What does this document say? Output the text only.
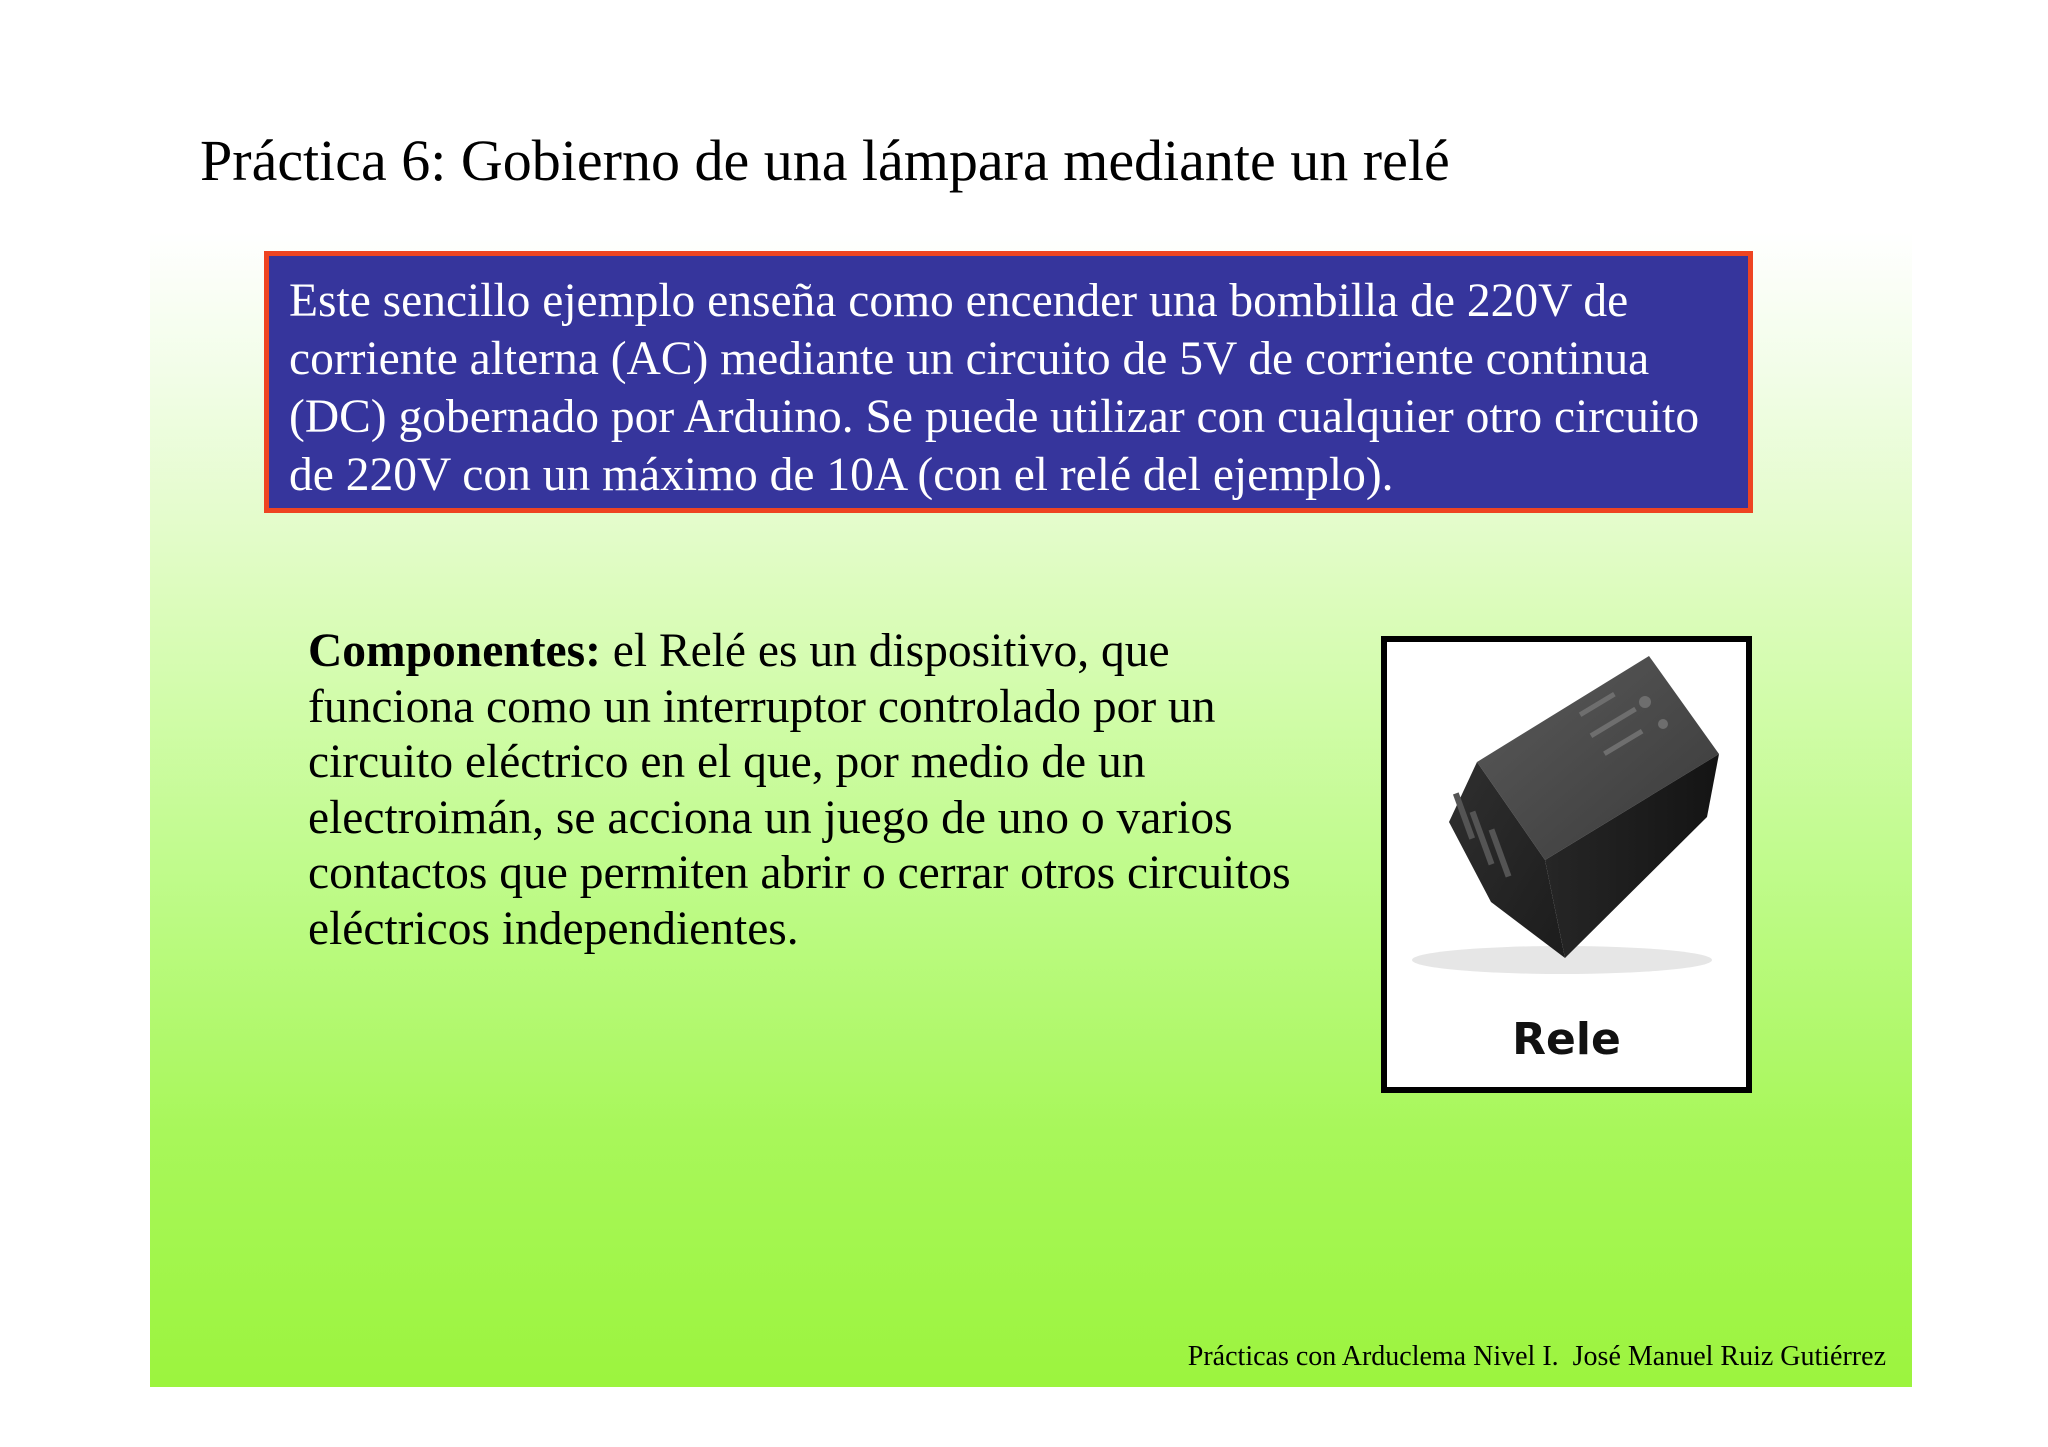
Práctica 6: Gobierno de una lámpara mediante un relé

Este sencillo ejemplo enseña como encender una bombilla de 220V de corriente alterna (AC) mediante un circuito de 5V de corriente continua (DC) gobernado por Arduino. Se puede utilizar con cualquier otro circuito de 220V con un máximo de 10A (con el relé del ejemplo).

Componentes: el Relé es un dispositivo, que funciona como un interruptor controlado por un circuito eléctrico en el que, por medio de un electroimán, se acciona un juego de uno o varios contactos que permiten abrir o cerrar otros circuitos eléctricos independientes.

Rele

Prácticas con Arduclema Nivel I.  José Manuel Ruiz Gutiérrez
